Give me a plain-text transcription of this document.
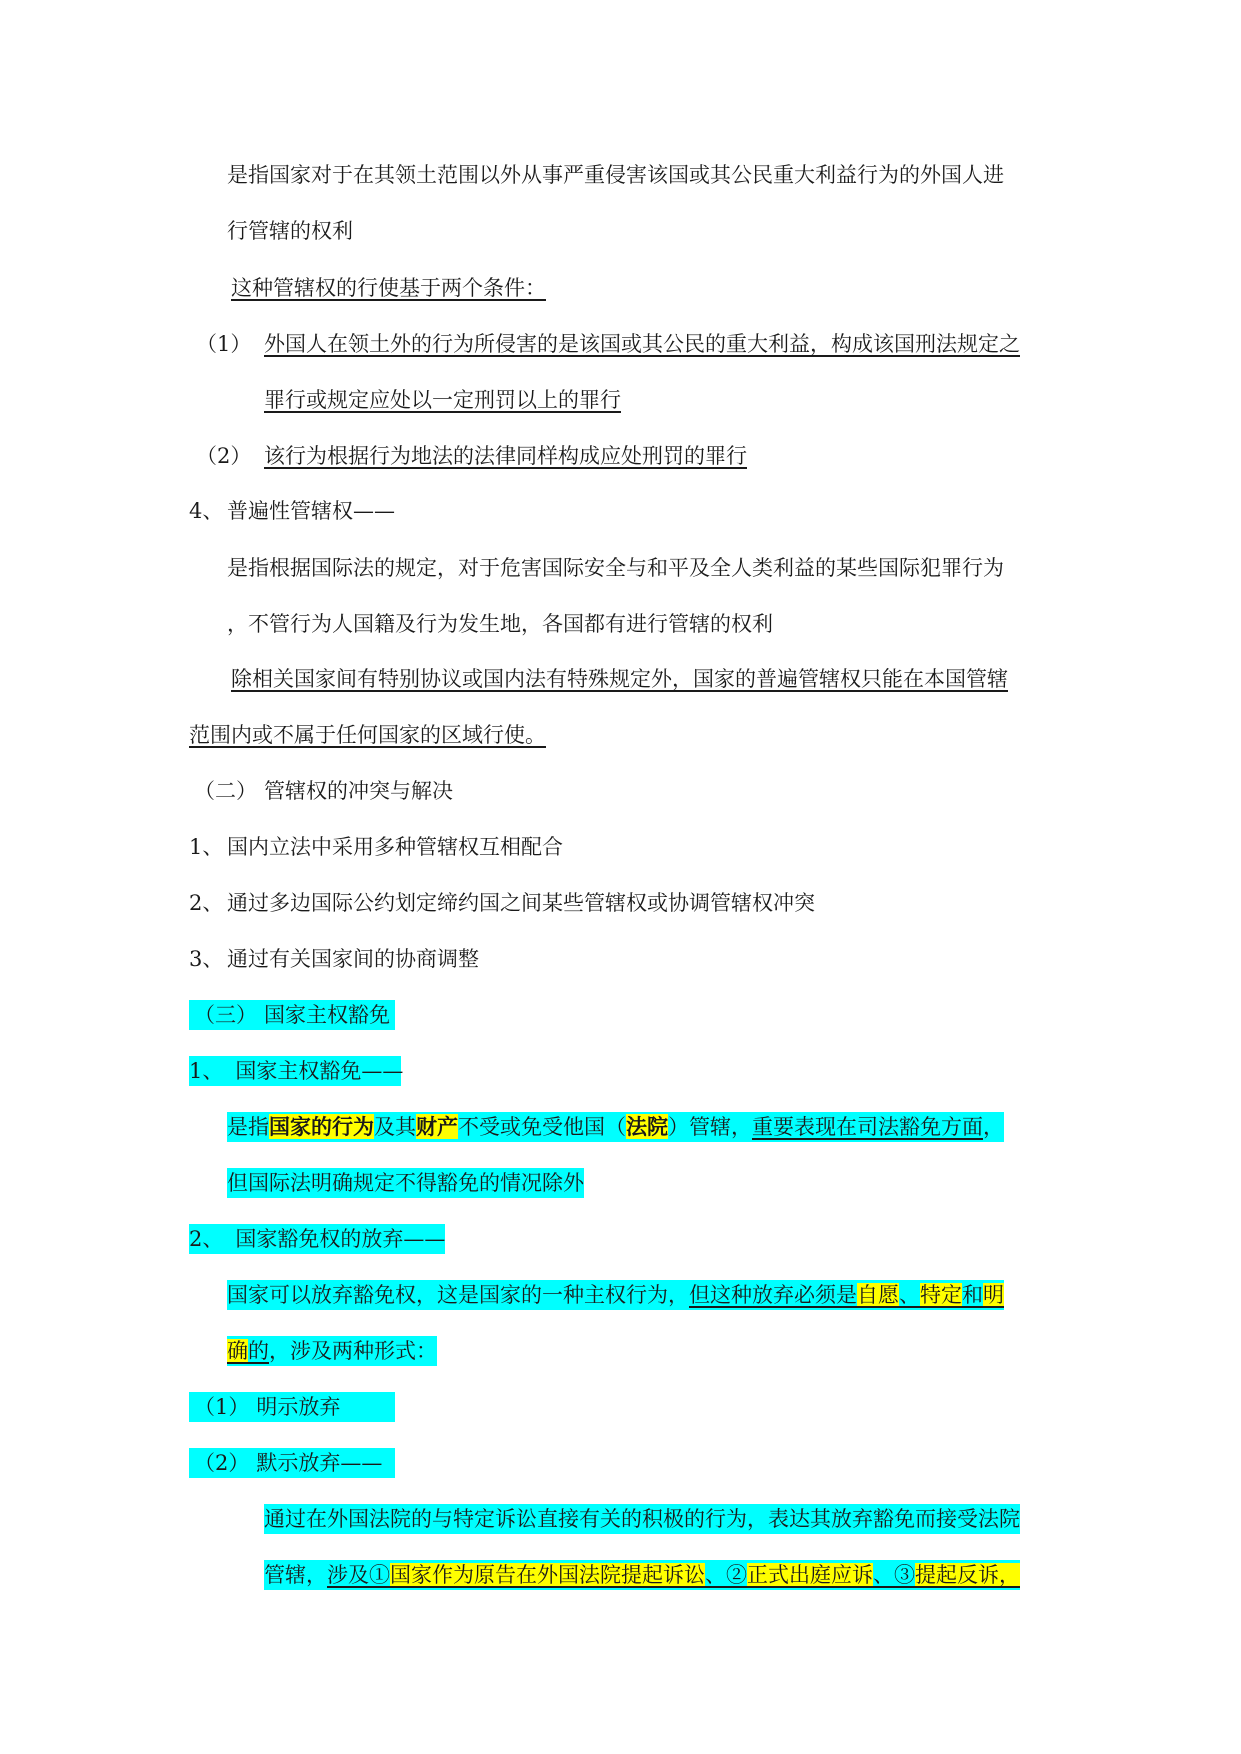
是指国家对于在其领土范围以外从事严重侵害该国或其公民重大利益行为的外国人进
行管辖的权利
这种管辖权的行使基于两个条件：
（1） 外国人在领土外的行为所侵害的是该国或其公民的重大利益，构成该国刑法规定之
罪行或规定应处以一定刑罚以上的罪行
（2） 该行为根据行为地法的法律同样构成应处刑罚的罪行
4、 普遍性管辖权——
是指根据国际法的规定，对于危害国际安全与和平及全人类利益的某些国际犯罪行为
，不管行为人国籍及行为发生地，各国都有进行管辖的权利
除相关国家间有特别协议或国内法有特殊规定外，国家的普遍管辖权只能在本国管辖
范围内或不属于任何国家的区域行使。
（二） 管辖权的冲突与解决
1、 国内立法中采用多种管辖权互相配合
2、 通过多边国际公约划定缔约国之间某些管辖权或协调管辖权冲突
3、 通过有关国家间的协商调整
（三） 国家主权豁免
1、 国家主权豁免——
是指国家的行为及其财产不受或免受他国（法院）管辖，重要表现在司法豁免方面，
但国际法明确规定不得豁免的情况除外
2、 国家豁免权的放弃——
国家可以放弃豁免权，这是国家的一种主权行为，但这种放弃必须是自愿、特定和明
确的，涉及两种形式：
（1） 明示放弃
（2） 默示放弃——
通过在外国法院的与特定诉讼直接有关的积极的行为，表达其放弃豁免而接受法院
管辖，涉及①国家作为原告在外国法院提起诉讼、②正式出庭应诉、③提起反诉，
